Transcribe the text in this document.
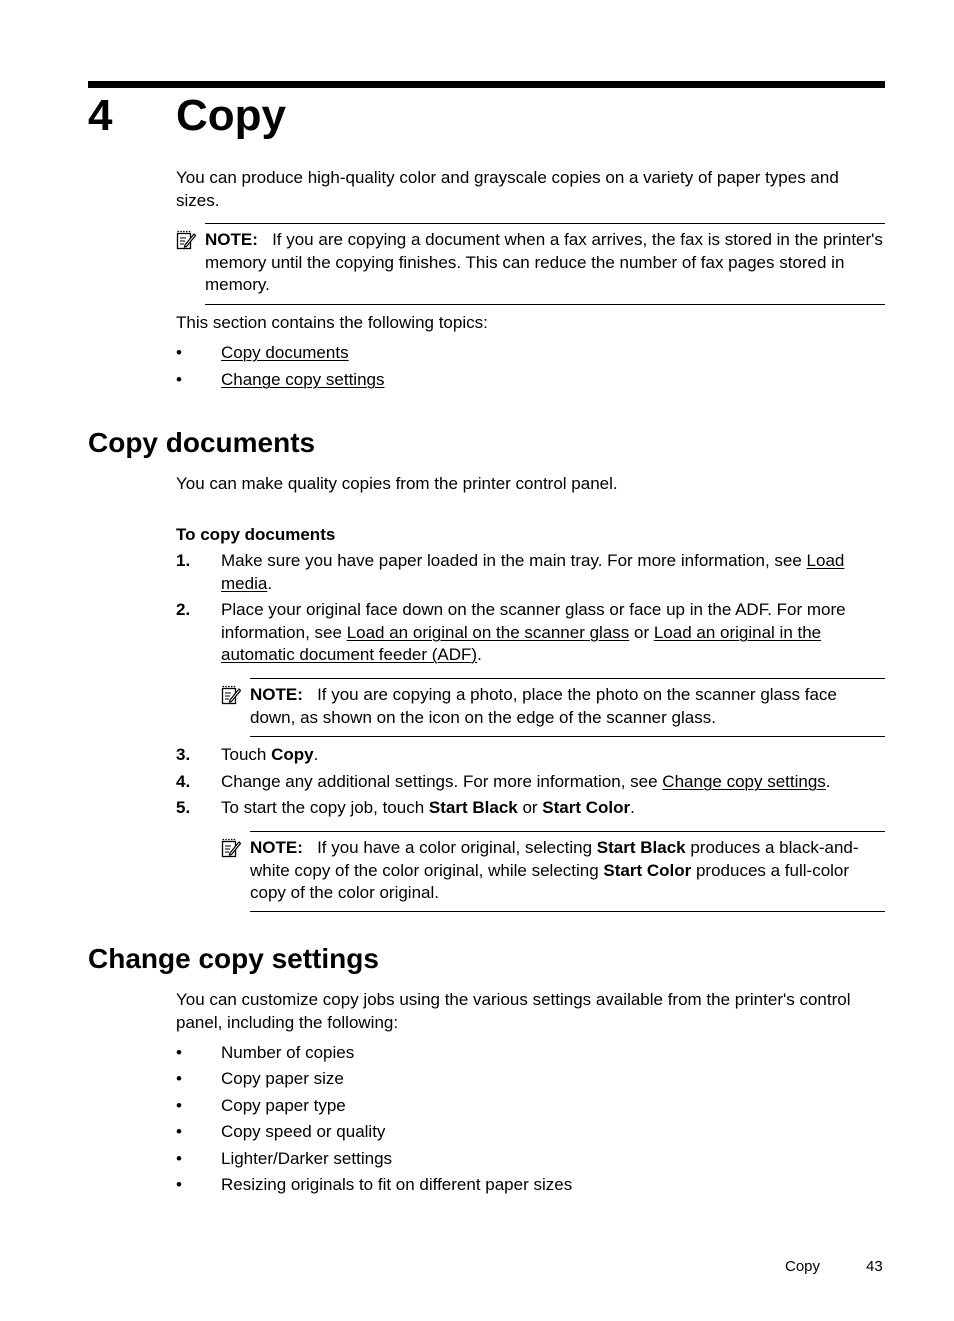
4 Copy

You can produce high-quality color and grayscale copies on a variety of paper types and sizes.

NOTE: If you are copying a document when a fax arrives, the fax is stored in the printer's memory until the copying finishes. This can reduce the number of fax pages stored in memory.

This section contains the following topics:

• Copy documents
• Change copy settings
Copy documents

You can make quality copies from the printer control panel.

To copy documents

1. Make sure you have paper loaded in the main tray. For more information, see Load media.
2. Place your original face down on the scanner glass or face up in the ADF. For more information, see Load an original on the scanner glass or Load an original in the automatic document feeder (ADF).
NOTE: If you are copying a photo, place the photo on the scanner glass face down, as shown on the icon on the edge of the scanner glass.
3. Touch Copy.
4. Change any additional settings. For more information, see Change copy settings.
5. To start the copy job, touch Start Black or Start Color.
NOTE: If you have a color original, selecting Start Black produces a black-and-white copy of the color original, while selecting Start Color produces a full-color copy of the color original.
Change copy settings

You can customize copy jobs using the various settings available from the printer's control panel, including the following:

• Number of copies
• Copy paper size
• Copy paper type
• Copy speed or quality
• Lighter/Darker settings
• Resizing originals to fit on different paper sizes
Copy	43
